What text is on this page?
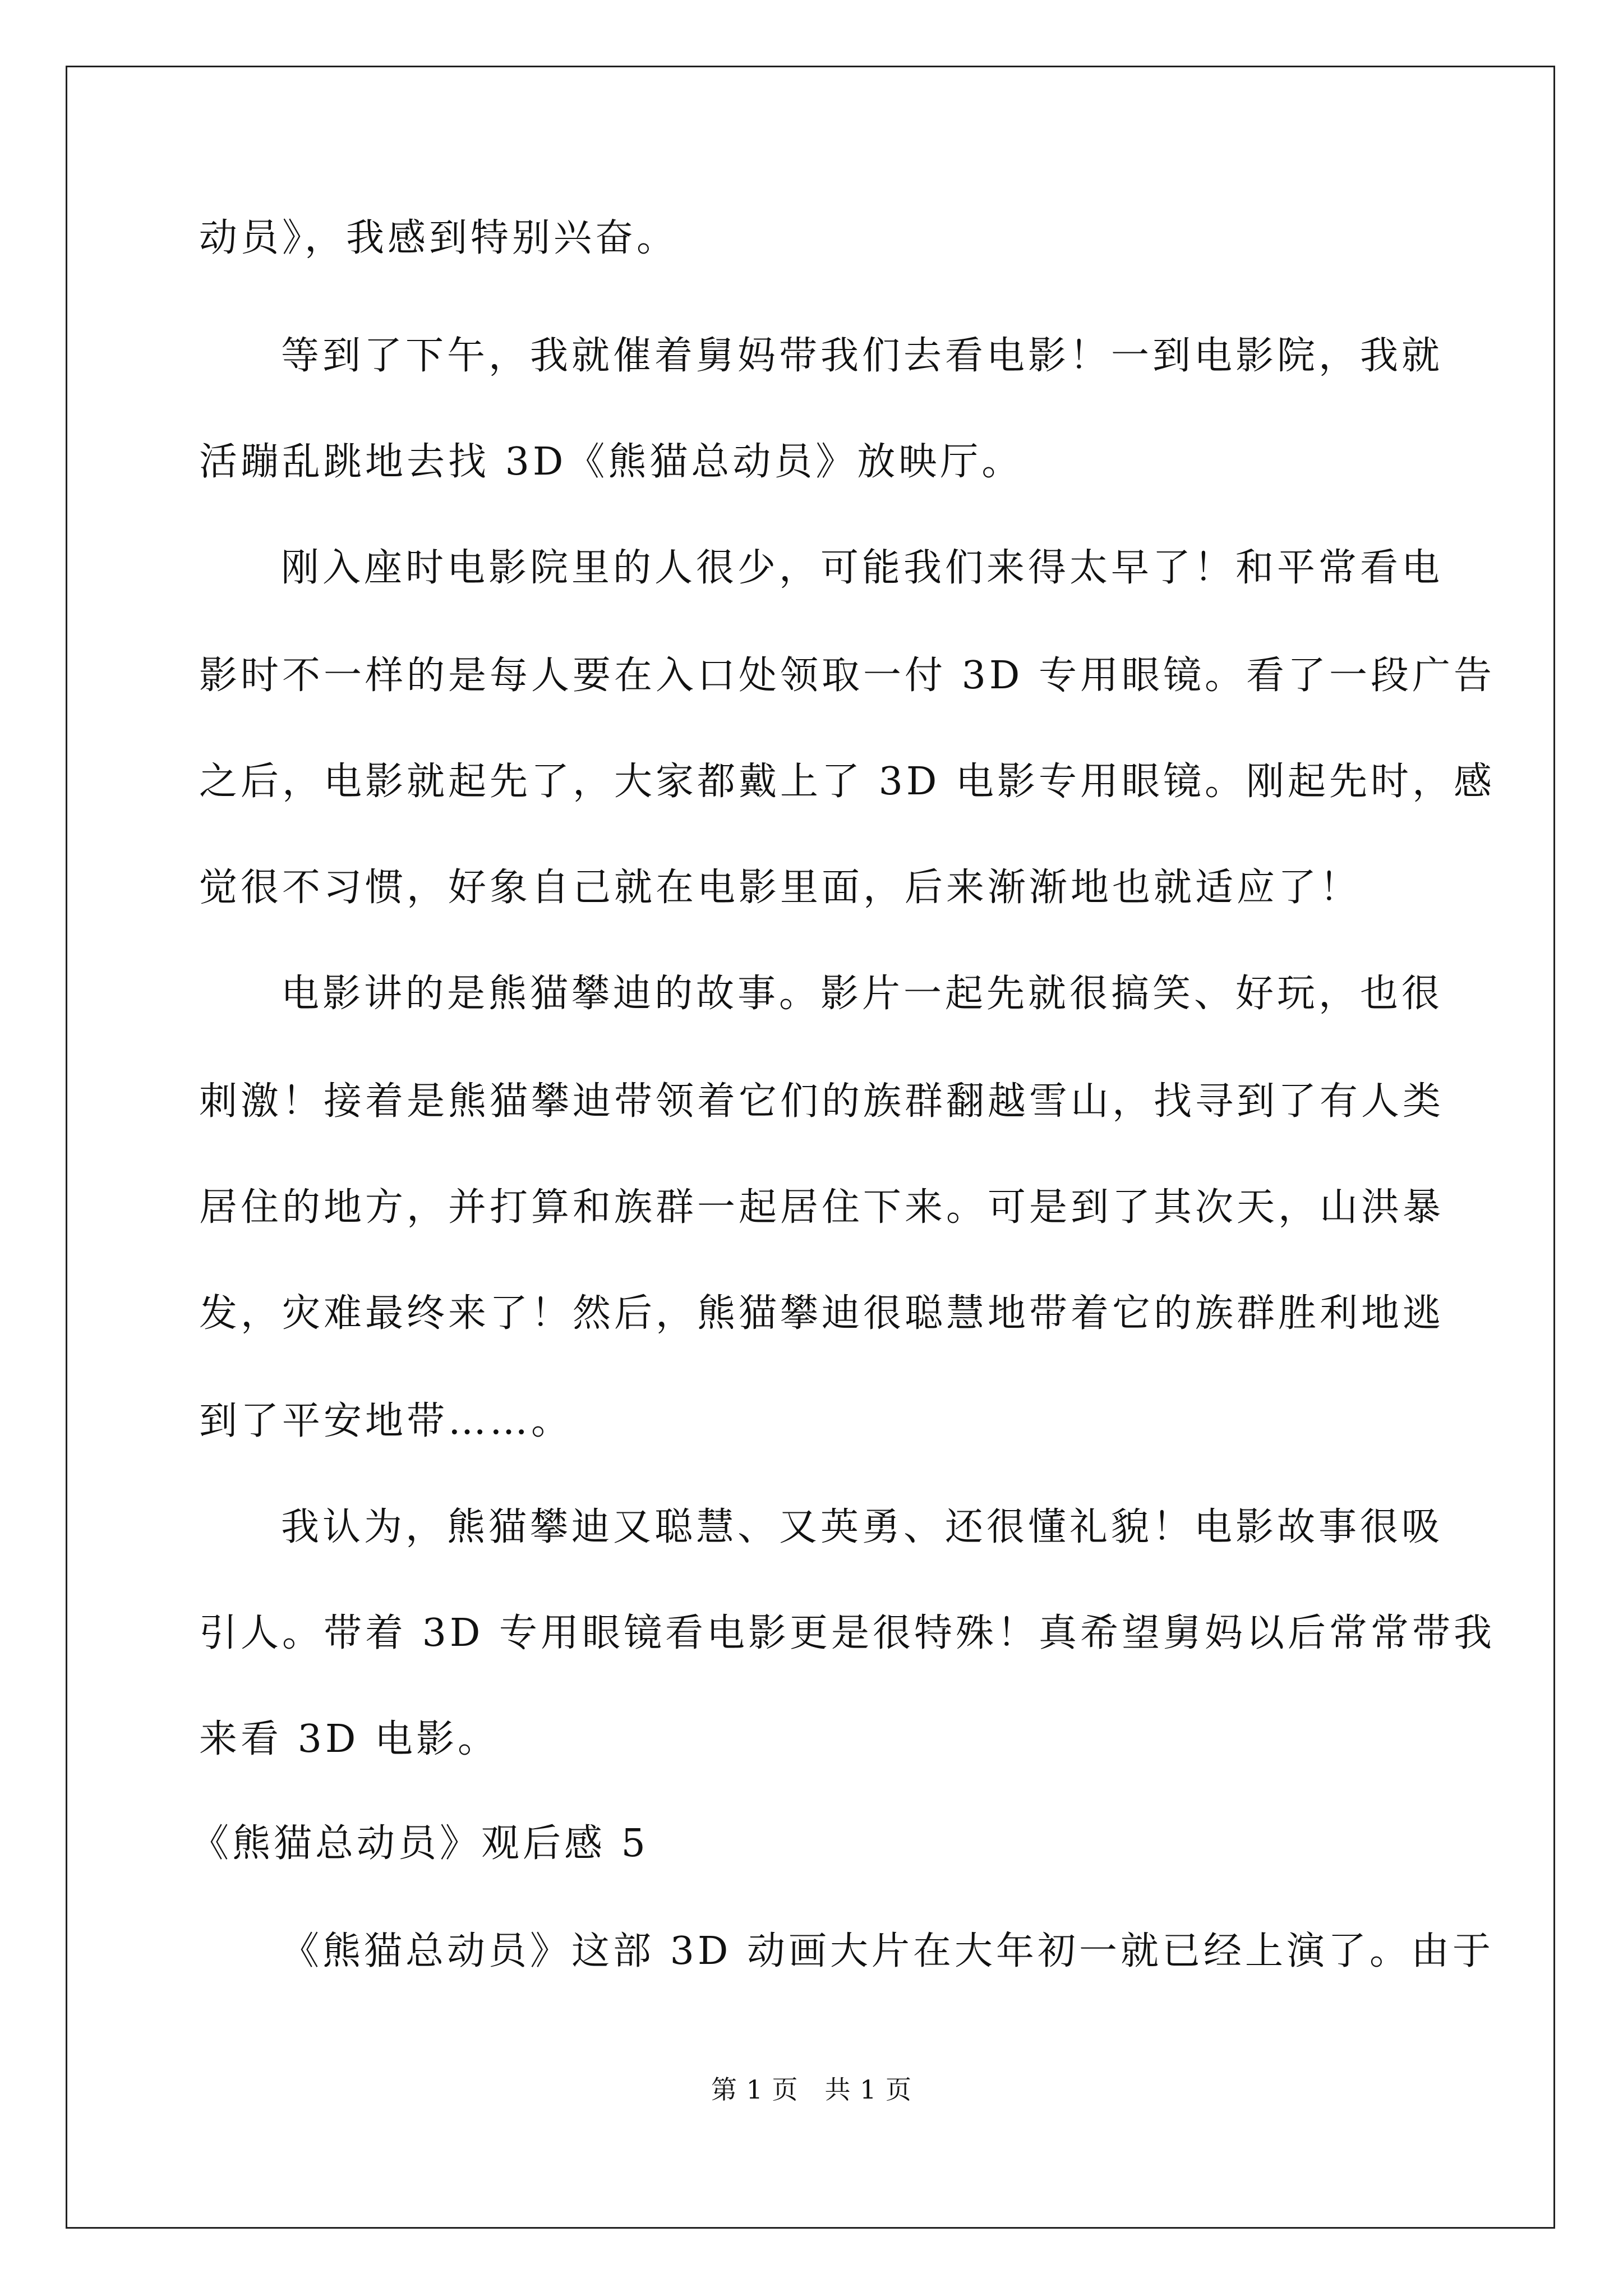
动员》，我感到特别兴奋。
等到了下午，我就催着舅妈带我们去看电影！一到电影院，我就
活蹦乱跳地去找 3D《熊猫总动员》放映厅。
刚入座时电影院里的人很少，可能我们来得太早了！和平常看电
影时不一样的是每人要在入口处领取一付 3D 专用眼镜。看了一段广告
之后，电影就起先了，大家都戴上了 3D 电影专用眼镜。刚起先时，感
觉很不习惯，好象自己就在电影里面，后来渐渐地也就适应了！
电影讲的是熊猫攀迪的故事。影片一起先就很搞笑、好玩，也很
刺激！接着是熊猫攀迪带领着它们的族群翻越雪山，找寻到了有人类
居住的地方，并打算和族群一起居住下来。可是到了其次天，山洪暴
发，灾难最终来了！然后，熊猫攀迪很聪慧地带着它的族群胜利地逃
到了平安地带……。
我认为，熊猫攀迪又聪慧、又英勇、还很懂礼貌！电影故事很吸
引人。带着 3D 专用眼镜看电影更是很特殊！真希望舅妈以后常常带我
来看 3D 电影。
《熊猫总动员》观后感 5
《熊猫总动员》这部 3D 动画大片在大年初一就已经上演了。由于
第 1 页　共 1 页
